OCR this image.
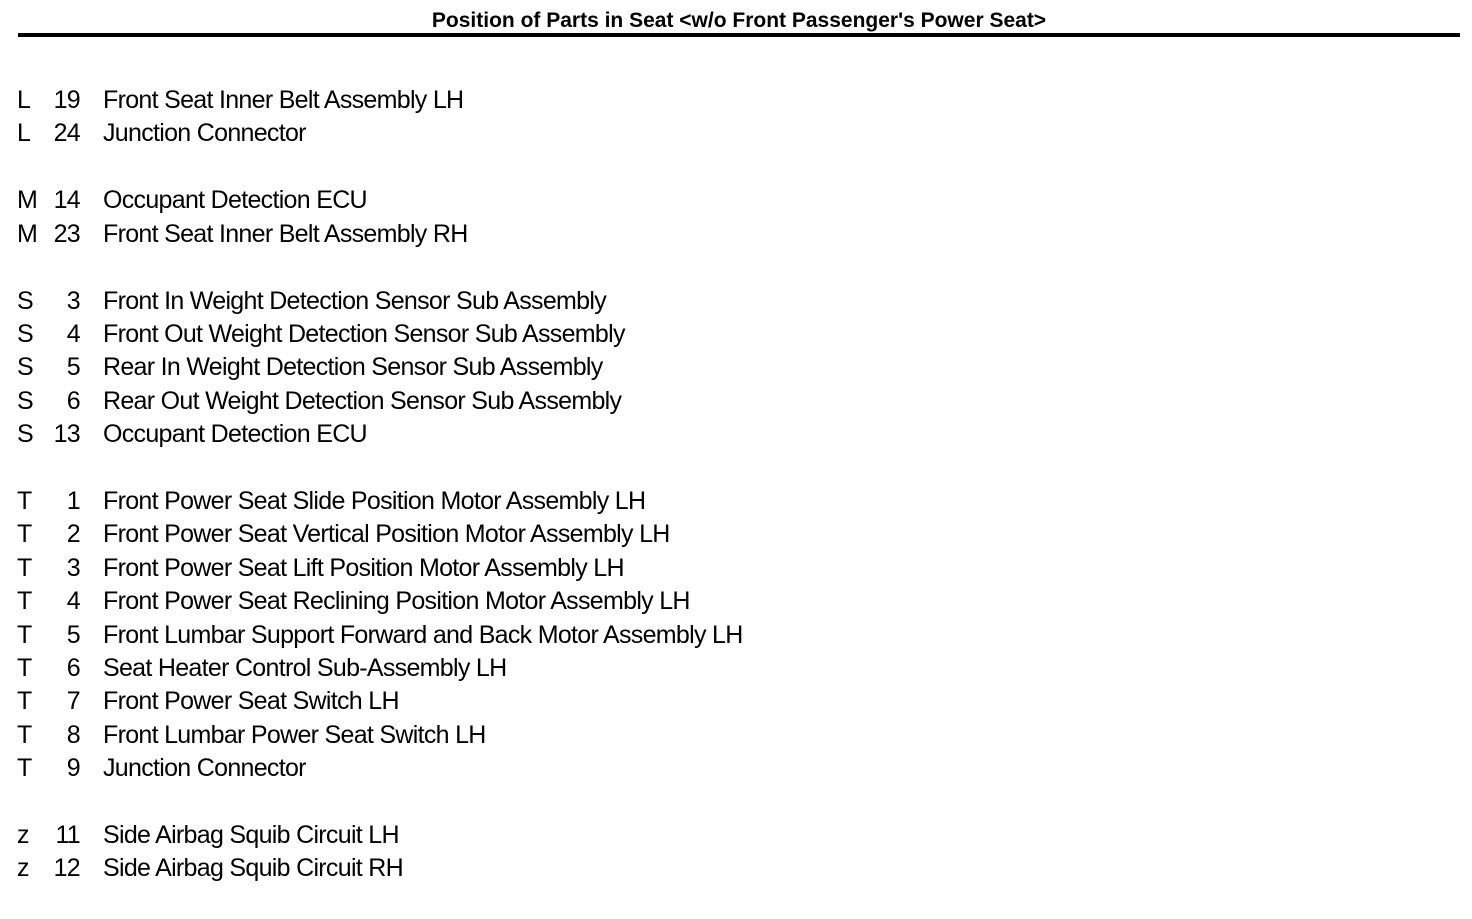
Position of Parts in Seat <w/o Front Passenger's Power Seat>
L 19 Front Seat Inner Belt Assembly LH
L 24 Junction Connector
M 14 Occupant Detection ECU
M 23 Front Seat Inner Belt Assembly RH
S	3 Front In Weight Detection Sensor Sub Assembly
S	4 Front Out Weight Detection Sensor Sub Assembly
S	5 Rear In Weight Detection Sensor Sub Assembly
S	6 Rear Out Weight Detection Sensor Sub Assembly
S 13 Occupant Detection ECU
T	1 Front Power Seat Slide Position Motor Assembly LH
T	2 Front Power Seat Vertical Position Motor Assembly LH
T	3 Front Power Seat Lift Position Motor Assembly LH
T	4 Front Power Seat Reclining Position Motor Assembly LH
T	5 Front Lumbar Support Forward and Back Motor Assembly LH
T	6 Seat Heater Control Sub-Assembly LH
T	7 Front Power Seat Switch LH
T	8 Front Lumbar Power Seat Switch LH
T	9 Junction Connector
z	11 Side Airbag Squib Circuit LH
z 12 Side Airbag Squib Circuit RH
